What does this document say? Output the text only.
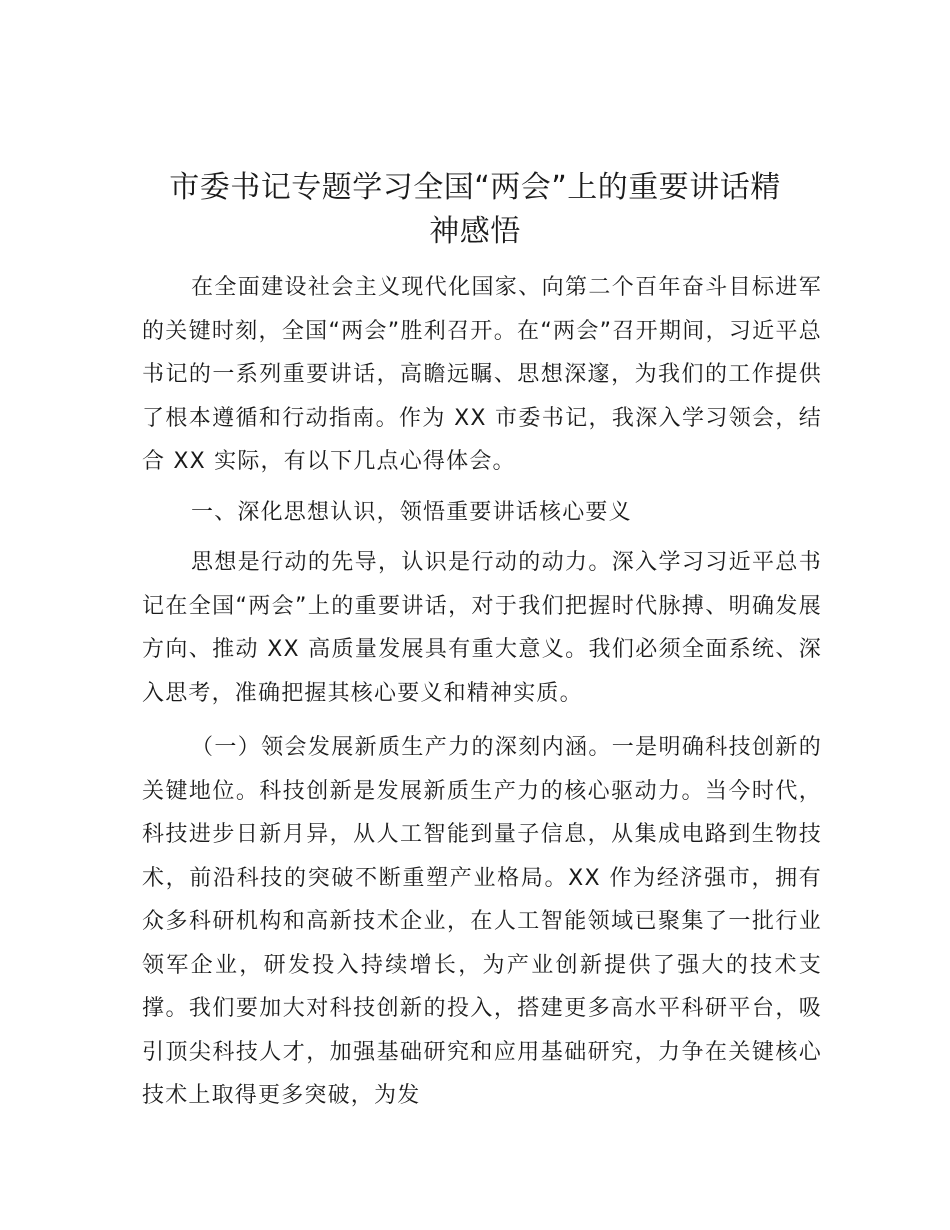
市委书记专题学习全国“两会”上的重要讲话精
神感悟

在全面建设社会主义现代化国家、向第二个百年奋斗目标进军的关键时刻，全国“两会”胜利召开。在“两会”召开期间，习近平总书记的一系列重要讲话，高瞻远瞩、思想深邃，为我们的工作提供了根本遵循和行动指南。作为 XX 市委书记，我深入学习领会，结合 XX 实际，有以下几点心得体会。

一、深化思想认识，领悟重要讲话核心要义

思想是行动的先导，认识是行动的动力。深入学习习近平总书记在全国“两会”上的重要讲话，对于我们把握时代脉搏、明确发展方向、推动 XX 高质量发展具有重大意义。我们必须全面系统、深入思考，准确把握其核心要义和精神实质。

（一）领会发展新质生产力的深刻内涵。一是明确科技创新的关键地位。科技创新是发展新质生产力的核心驱动力。当今时代，科技进步日新月异，从人工智能到量子信息，从集成电路到生物技术，前沿科技的突破不断重塑产业格局。XX 作为经济强市，拥有众多科研机构和高新技术企业，在人工智能领域已聚集了一批行业领军企业，研发投入持续增长，为产业创新提供了强大的技术支撑。我们要加大对科技创新的投入，搭建更多高水平科研平台，吸引顶尖科技人才，加强基础研究和应用基础研究，力争在关键核心技术上取得更多突破，为发
